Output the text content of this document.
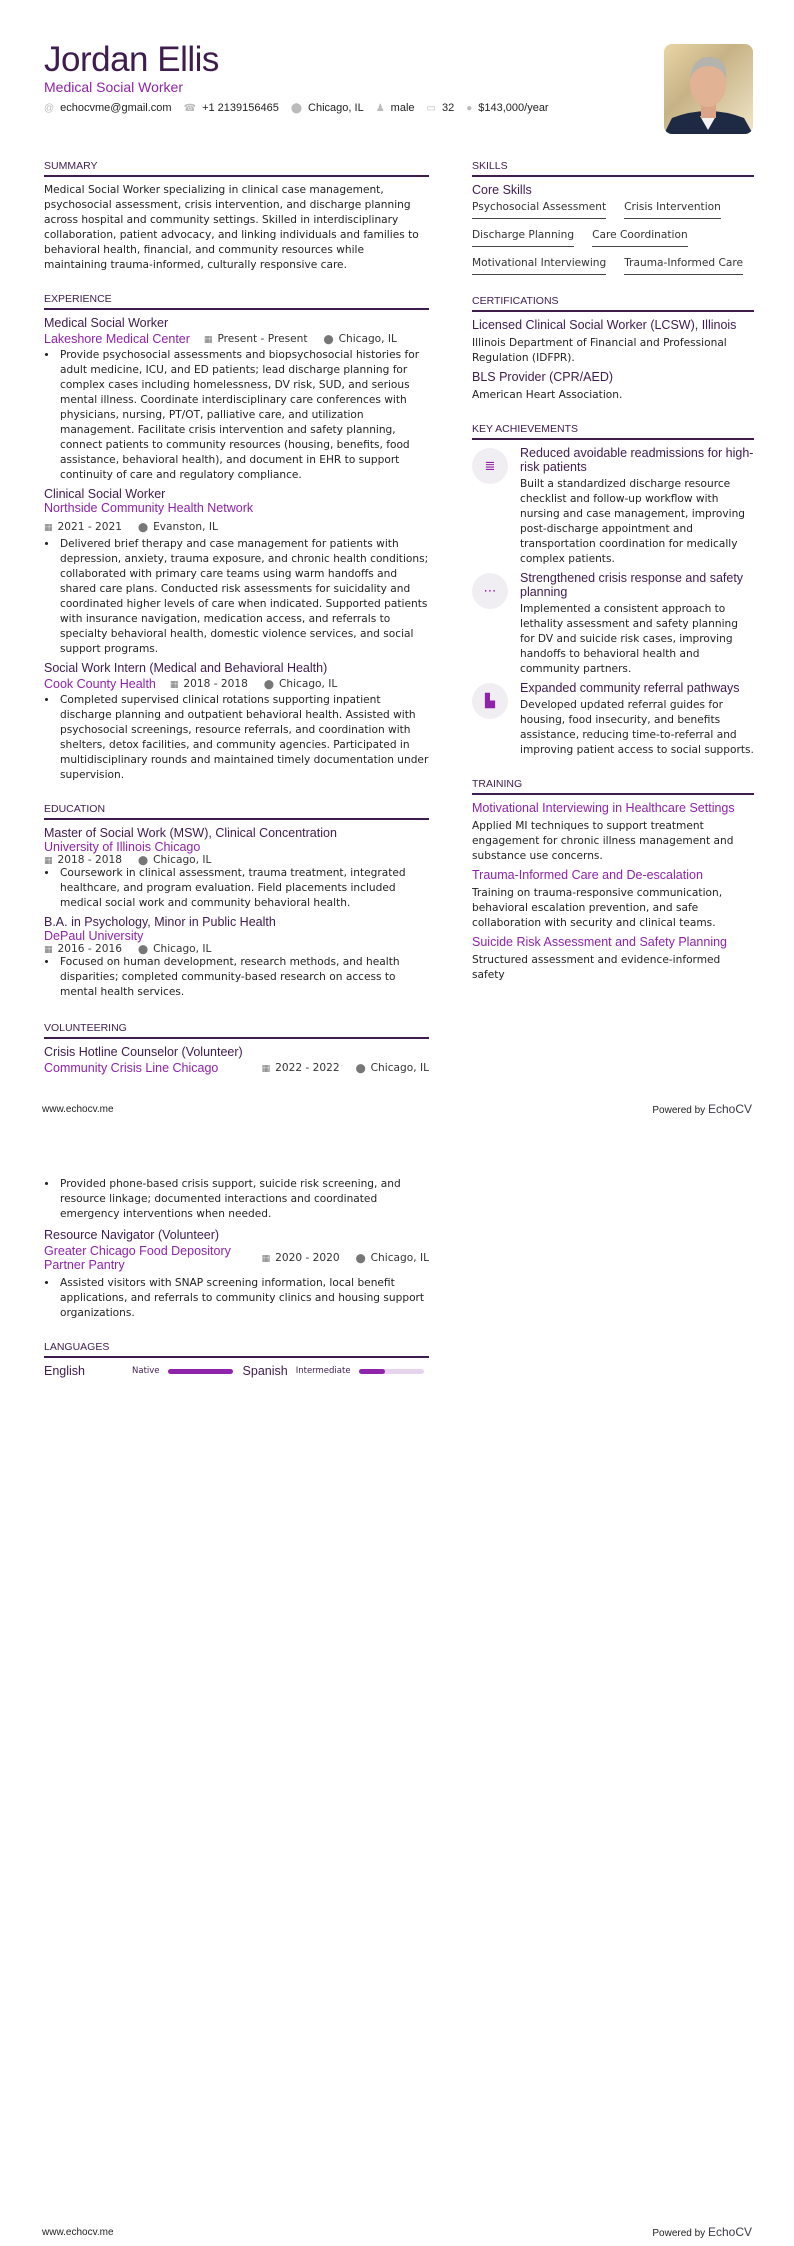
Jordan Ellis
Medical Social Worker
@ echocvme@gmail.com ☎ +1 2139156465 ⬤ Chicago, IL ♟ male ▭ 32 ● $143,000/year
SUMMARY
Medical Social Worker specializing in clinical case management, psychosocial assessment, crisis intervention, and discharge planning across hospital and community settings. Skilled in interdisciplinary collaboration, patient advocacy, and linking individuals and families to behavioral health, financial, and community resources while maintaining trauma-informed, culturally responsive care.
EXPERIENCE
Medical Social Worker
Lakeshore Medical Center ▦ Present - Present ⬤ Chicago, IL
• Provide psychosocial assessments and biopsychosocial histories for adult medicine, ICU, and ED patients; lead discharge planning for complex cases including homelessness, DV risk, SUD, and serious mental illness. Coordinate interdisciplinary care conferences with physicians, nursing, PT/OT, palliative care, and utilization management. Facilitate crisis intervention and safety planning, connect patients to community resources (housing, benefits, food assistance, behavioral health), and document in EHR to support continuity of care and regulatory compliance.
Clinical Social Worker
Northside Community Health Network
▦ 2021 - 2021 ⬤ Evanston, IL
• Delivered brief therapy and case management for patients with depression, anxiety, trauma exposure, and chronic health conditions; collaborated with primary care teams using warm handoffs and shared care plans. Conducted risk assessments for suicidality and coordinated higher levels of care when indicated. Supported patients with insurance navigation, medication access, and referrals to specialty behavioral health, domestic violence services, and social support programs.
Social Work Intern (Medical and Behavioral Health)
Cook County Health ▦ 2018 - 2018 ⬤ Chicago, IL
• Completed supervised clinical rotations supporting inpatient discharge planning and outpatient behavioral health. Assisted with psychosocial screenings, resource referrals, and coordination with shelters, detox facilities, and community agencies. Participated in multidisciplinary rounds and maintained timely documentation under supervision.
EDUCATION
Master of Social Work (MSW), Clinical Concentration
University of Illinois Chicago
▦ 2018 - 2018 ⬤ Chicago, IL
• Coursework in clinical assessment, trauma treatment, integrated healthcare, and program evaluation. Field placements included medical social work and community behavioral health.
B.A. in Psychology, Minor in Public Health
DePaul University
▦ 2016 - 2016 ⬤ Chicago, IL
• Focused on human development, research methods, and health disparities; completed community-based research on access to mental health services.
VOLUNTEERING
Crisis Hotline Counselor (Volunteer)
Community Crisis Line Chicago	▦ 2022 - 2022 ⬤ Chicago, IL
SKILLS
Core Skills
Psychosocial Assessment Crisis Intervention
Discharge Planning Care Coordination
Motivational Interviewing Trauma-Informed Care
CERTIFICATIONS
Licensed Clinical Social Worker (LCSW), Illinois
Illinois Department of Financial and Professional Regulation (IDFPR).
BLS Provider (CPR/AED)
American Heart Association.
KEY ACHIEVEMENTS
≣
Reduced avoidable readmissions for high-risk patients
Built a standardized discharge resource checklist and follow-up workflow with nursing and case management, improving post-discharge appointment and transportation coordination for medically complex patients.
⋯
Strengthened crisis response and safety planning
Implemented a consistent approach to lethality assessment and safety planning for DV and suicide risk cases, improving handoffs to behavioral health and community partners.
▙
Expanded community referral pathways
Developed updated referral guides for housing, food insecurity, and benefits assistance, reducing time-to-referral and improving patient access to social supports.
TRAINING
Motivational Interviewing in Healthcare Settings
Applied MI techniques to support treatment engagement for chronic illness management and substance use concerns.
Trauma-Informed Care and De-escalation
Training on trauma-responsive communication, behavioral escalation prevention, and safe collaboration with security and clinical teams.
Suicide Risk Assessment and Safety Planning
Structured assessment and evidence-informed safety
www.echocv.me	Powered by EchoCV
• Provided phone-based crisis support, suicide risk screening, and resource linkage; documented interactions and coordinated emergency interventions when needed.
Resource Navigator (Volunteer)
Greater Chicago Food Depository Partner Pantry	▦ 2020 - 2020 ⬤ Chicago, IL
• Assisted visitors with SNAP screening information, local benefit applications, and referrals to community clinics and housing support organizations.
LANGUAGES
English	Native	Spanish Intermediate
www.echocv.me	Powered by EchoCV
